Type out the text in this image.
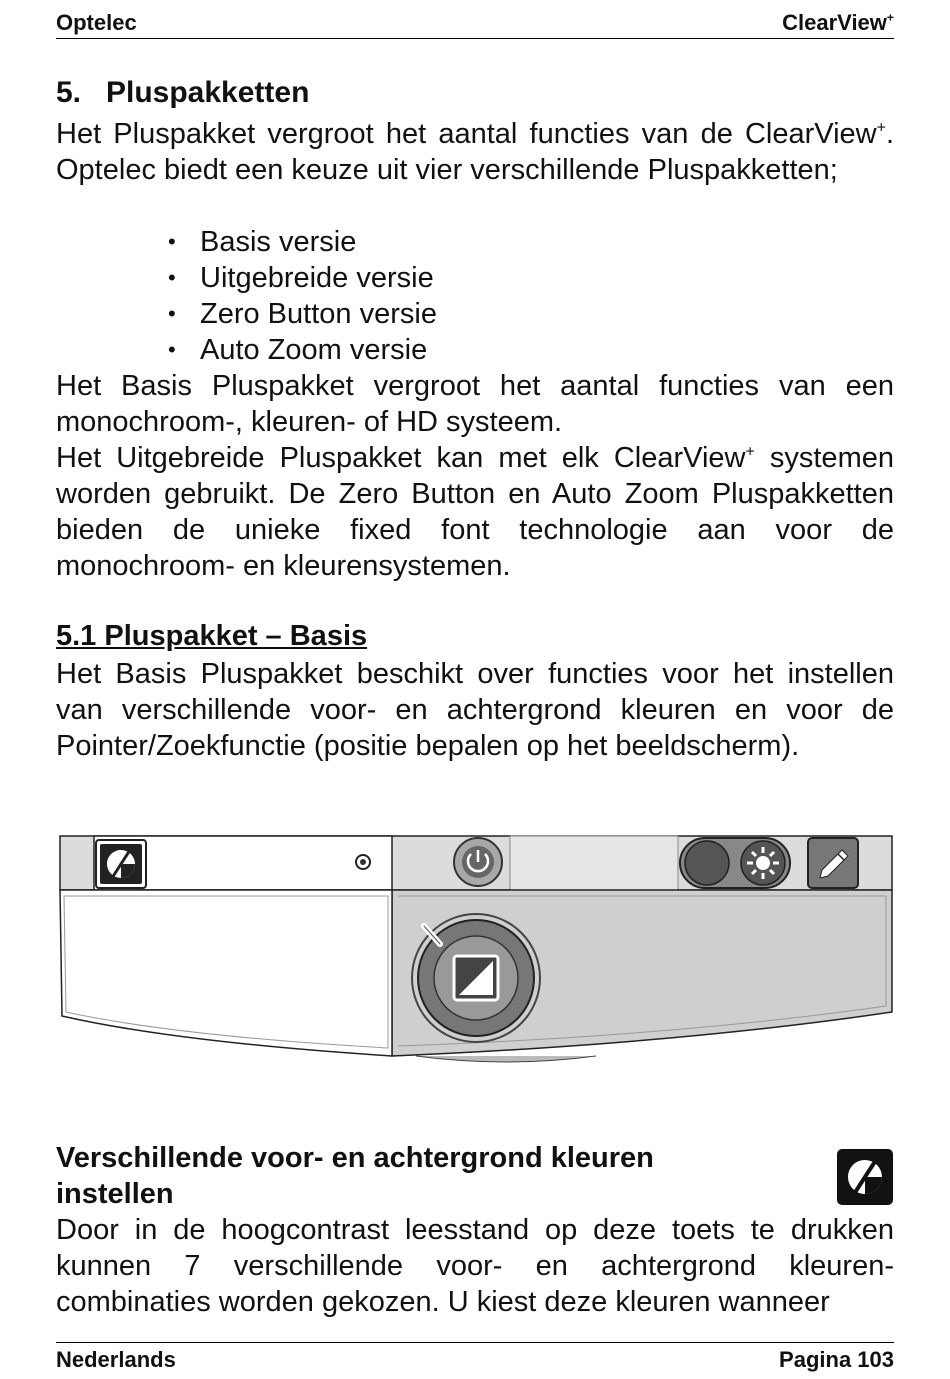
Optelec	ClearView+
5. Pluspakketten
Het Pluspakket vergroot het aantal functies van de ClearView+. Optelec biedt een keuze uit vier verschillende Pluspakketten;
• Basis versie
• Uitgebreide versie
• Zero Button versie
• Auto Zoom versie
Het Basis Pluspakket vergroot het aantal functies van een monochroom-, kleuren- of HD systeem.
Het Uitgebreide Pluspakket kan met elk ClearView+ systemen worden gebruikt. De Zero Button en Auto Zoom Pluspakketten bieden de unieke fixed font technologie aan voor de monochroom- en kleurensystemen.
5.1 Pluspakket – Basis
Het Basis Pluspakket beschikt over functies voor het instellen van verschillende voor- en achtergrond kleuren en voor de Pointer/Zoekfunctie (positie bepalen op het beeldscherm).
Verschillende voor- en achtergrond kleuren instellen
Door in de hoogcontrast leesstand op deze toets te drukken kunnen 7 verschillende voor- en achtergrond kleuren-combinaties worden gekozen. U kiest deze kleuren wanneer
Nederlands	Pagina 103
